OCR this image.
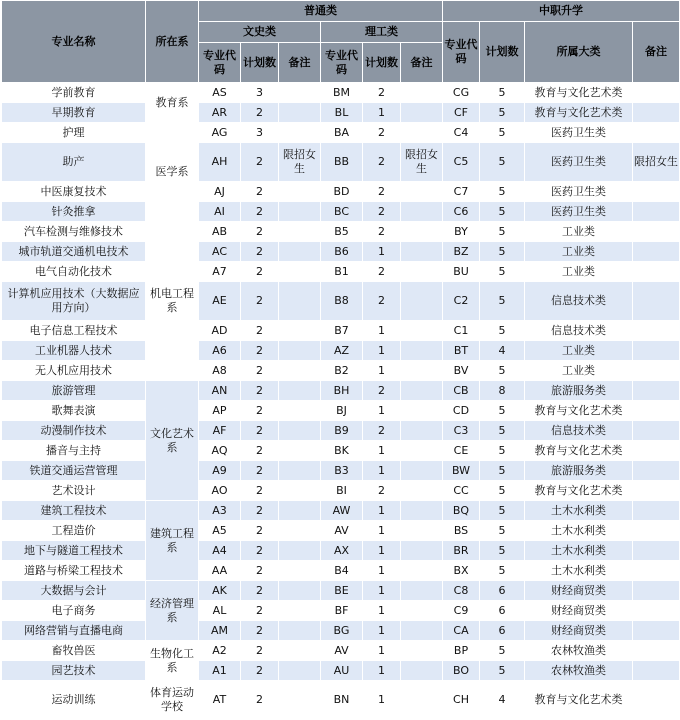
专业名称	所在系	普通类						中职升学			
		文史类			理工类			专业代码	计划数	所属大类	备注
		专业代码	计划数	备注	专业代码	计划数	备注				
学前教育	教育系	AS	3		BM	2		CG	5	教育与文化艺术类	
早期教育		AR	2		BL	1		CF	5	教育与文化艺术类	
护理	医学系	AG	3		BA	2		C4	5	医药卫生类	
助产		AH	2	限招女生	BB	2	限招女生	C5	5	医药卫生类	限招女生
中医康复技术		AJ	2		BD	2		C7	5	医药卫生类	
针灸推拿		AI	2		BC	2		C6	5	医药卫生类	
汽车检测与维修技术	机电工程系	AB	2		B5	2		BY	5	工业类	
城市轨道交通机电技术		AC	2		B6	1		BZ	5	工业类	
电气自动化技术		A7	2		B1	2		BU	5	工业类	
计算机应用技术（大数据应用方向）		AE	2		B8	2		C2	5	信息技术类	
电子信息工程技术		AD	2		B7	1		C1	5	信息技术类	
工业机器人技术		A6	2		AZ	1		BT	4	工业类	
无人机应用技术		A8	2		B2	1		BV	5	工业类	
旅游管理	文化艺术系	AN	2		BH	2		CB	8	旅游服务类	
歌舞表演		AP	2		BJ	1		CD	5	教育与文化艺术类	
动漫制作技术		AF	2		B9	2		C3	5	信息技术类	
播音与主持		AQ	2		BK	1		CE	5	教育与文化艺术类	
铁道交通运营管理		A9	2		B3	1		BW	5	旅游服务类	
艺术设计		AO	2		BI	2		CC	5	教育与文化艺术类	
建筑工程技术	建筑工程系	A3	2		AW	1		BQ	5	土木水利类	
工程造价		A5	2		AV	1		BS	5	土木水利类	
地下与隧道工程技术		A4	2		AX	1		BR	5	土木水利类	
道路与桥梁工程技术		AA	2		B4	1		BX	5	土木水利类	
大数据与会计	经济管理系	AK	2		BE	1		C8	6	财经商贸类	
电子商务		AL	2		BF	1		C9	6	财经商贸类	
网络营销与直播电商		AM	2		BG	1		CA	6	财经商贸类	
畜牧兽医	生物化工系	A2	2		AV	1		BP	5	农林牧渔类	
园艺技术		A1	2		AU	1		BO	5	农林牧渔类	
运动训练	体育运动学校	AT	2		BN	1		CH	4	教育与文化艺术类	
